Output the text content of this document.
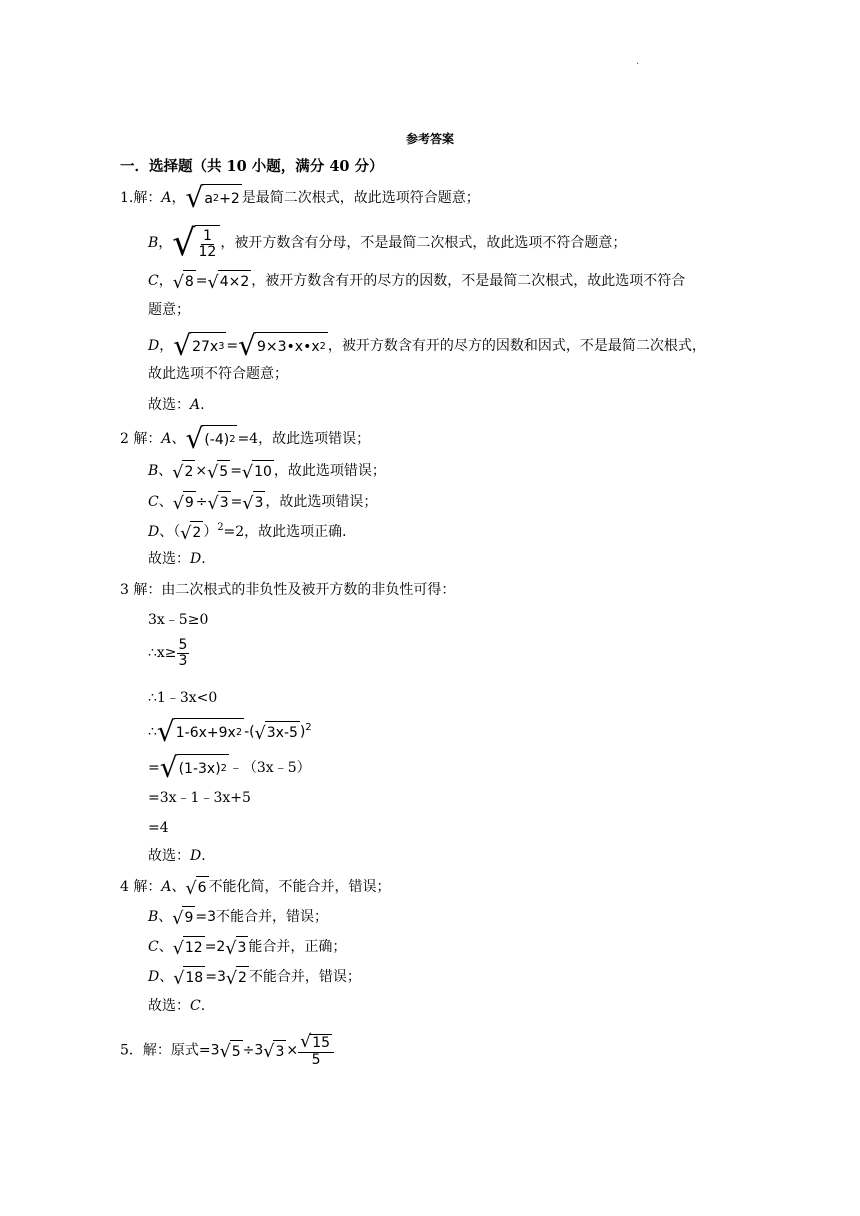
.
参考答案
一．选择题（共 10 小题，满分 40 分）
1.解：A， √ a 2 +2 是最简二次根式，故此选项符合题意；
B， √ $\frac{1}{12}$ ，被开方数含有分母，不是最简二次根式，故此选项不符合题意；
C， √ 8 = √ 4×2 ，被开方数含有开的尽方的因数，不是最简二次根式，故此选项不符合
题意；
D， √ 27x 3 = √ 9×3•x•x 2 ，被开方数含有开的尽方的因数和因式，不是最简二次根式，
故此选项不符合题意；
故选：A.
2 解：A、 √ (-4) 2 =4，故此选项错误；
B、 √ 2 × √ 5 = √ 10 ，故此选项错误；
C、 √ 9 ÷ √ 3 = √ 3 ，故此选项错误；
D、（ √ 2 ）$^2$=2，故此选项正确．
故选：D.
3 解：由二次根式的非负性及被开方数的非负性可得：
3x﹣5≥0
∴x≥ $\frac{5}{3}$
∴1﹣3x<0
∴ √ 1-6x+9x 2 -( √ 3x-5 )$^2$
= √ (1-3x) 2 ﹣（3x﹣5）
=3x﹣1﹣3x+5
=4
故选：D.
4 解：A、 √ 6 不能化简，不能合并，错误；
B、 √ 9 =3不能合并，错误；
C、 √ 12 =2 √ 3 能合并，正确；
D、 √ 18 =3 √ 2 不能合并，错误；
故选：C.
5．解：原式=3 √ 5 ÷3 √ $3 \times \frac{√ 15}{5}$
